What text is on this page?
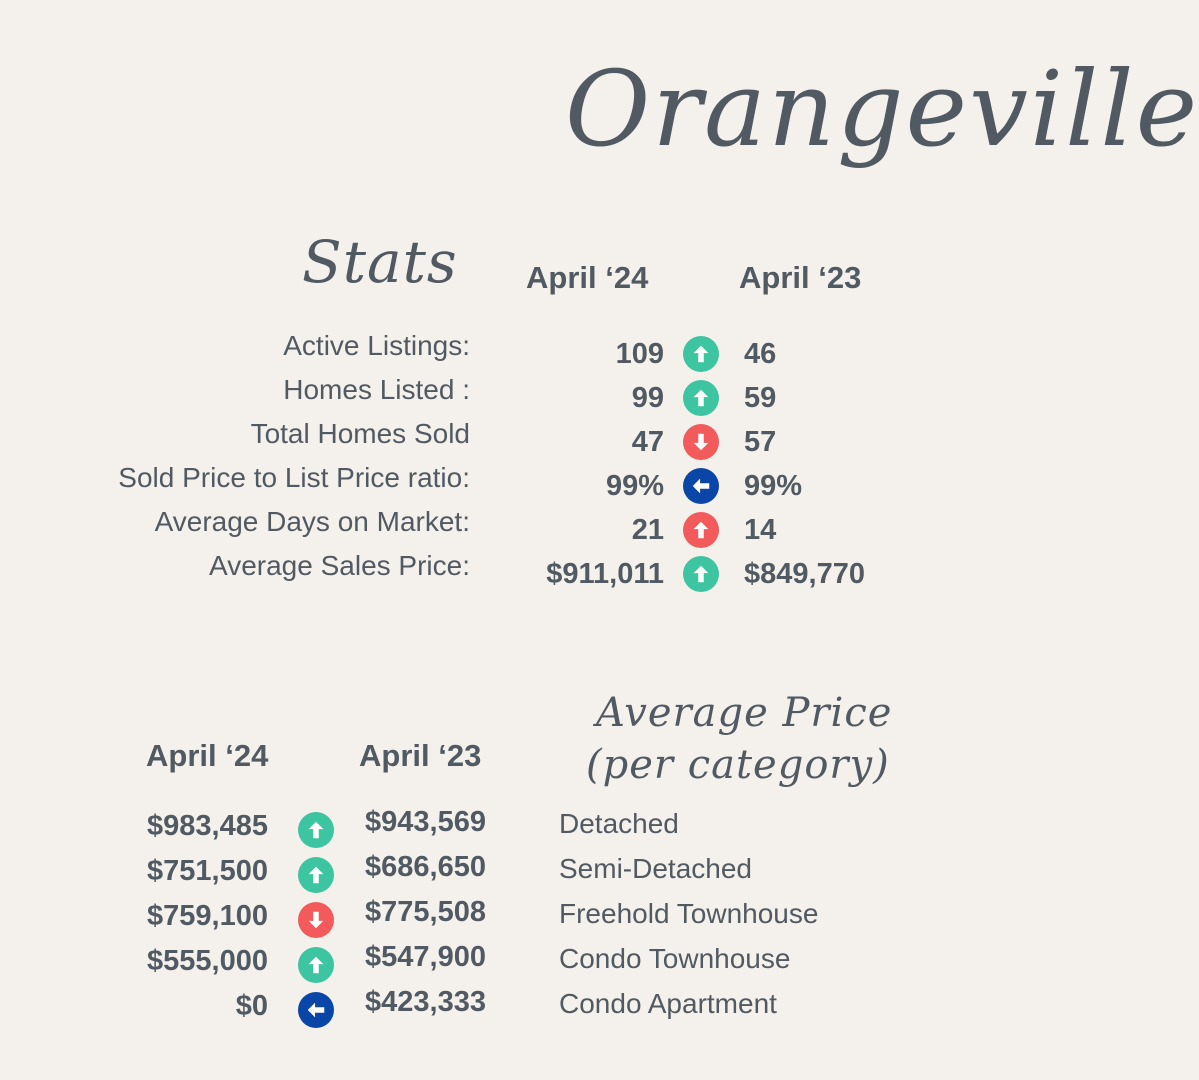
Orangeville
Stats April ‘24	April ‘23
Active Listings:	109	46
Homes Listed :	99	59
Total Homes Sold	47	57
Sold Price to List Price ratio:	99%	99%
Average Days on Market:	21	14
Average Sales Price:	$911,011	$849,770
Average Price
(per category)
April ‘24	April ‘23
$983,485	$943,569	Detached
$751,500	$686,650	Semi-Detached
$759,100	$775,508	Freehold Townhouse
$555,000	$547,900	Condo Townhouse
$0	$423,333	Condo Apartment
